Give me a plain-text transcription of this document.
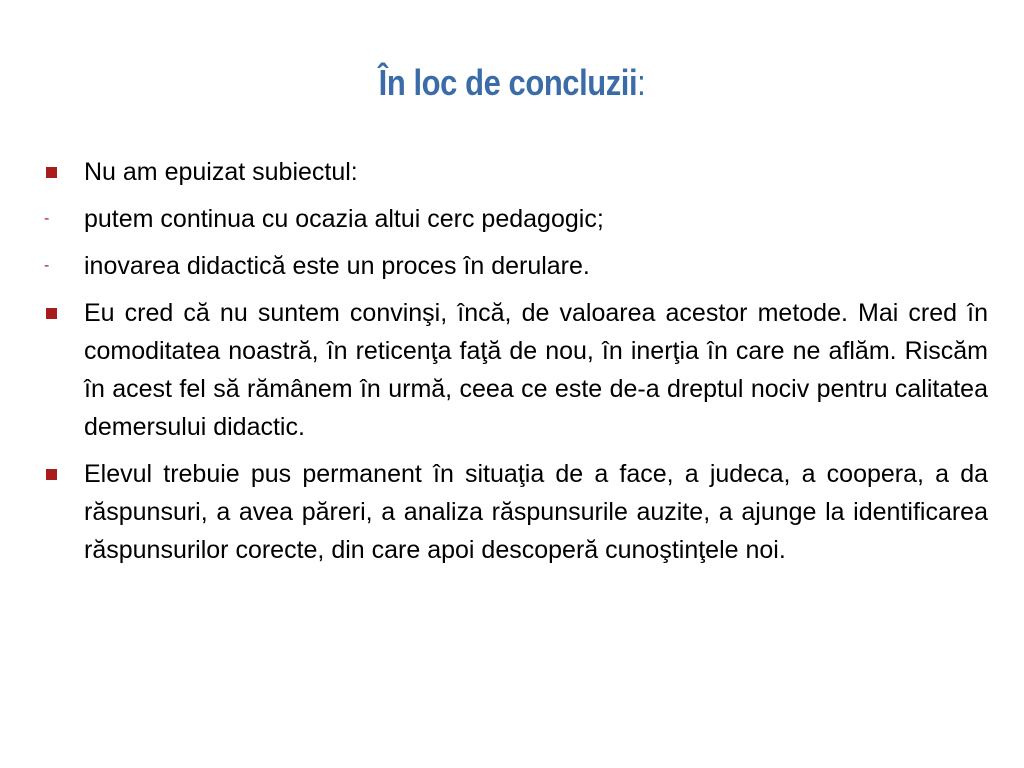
În loc de concluzii:
Nu am epuizat subiectul:
- putem continua cu ocazia altui cerc pedagogic;
- inovarea didactică este un proces în derulare.
Eu cred că nu suntem convinşi, încă, de valoarea acestor metode. Mai cred în comoditatea noastră, în reticenţa faţă de nou, în inerţia în care ne aflăm. Riscăm în acest fel să rămânem în urmă, ceea ce este de-a dreptul nociv pentru calitatea demersului didactic.
Elevul trebuie pus permanent în situaţia de a face, a judeca, a coopera, a da răspunsuri, a avea păreri, a analiza răspunsurile auzite, a ajunge la identificarea răspunsurilor corecte, din care apoi descoperă cunoştinţele noi.
